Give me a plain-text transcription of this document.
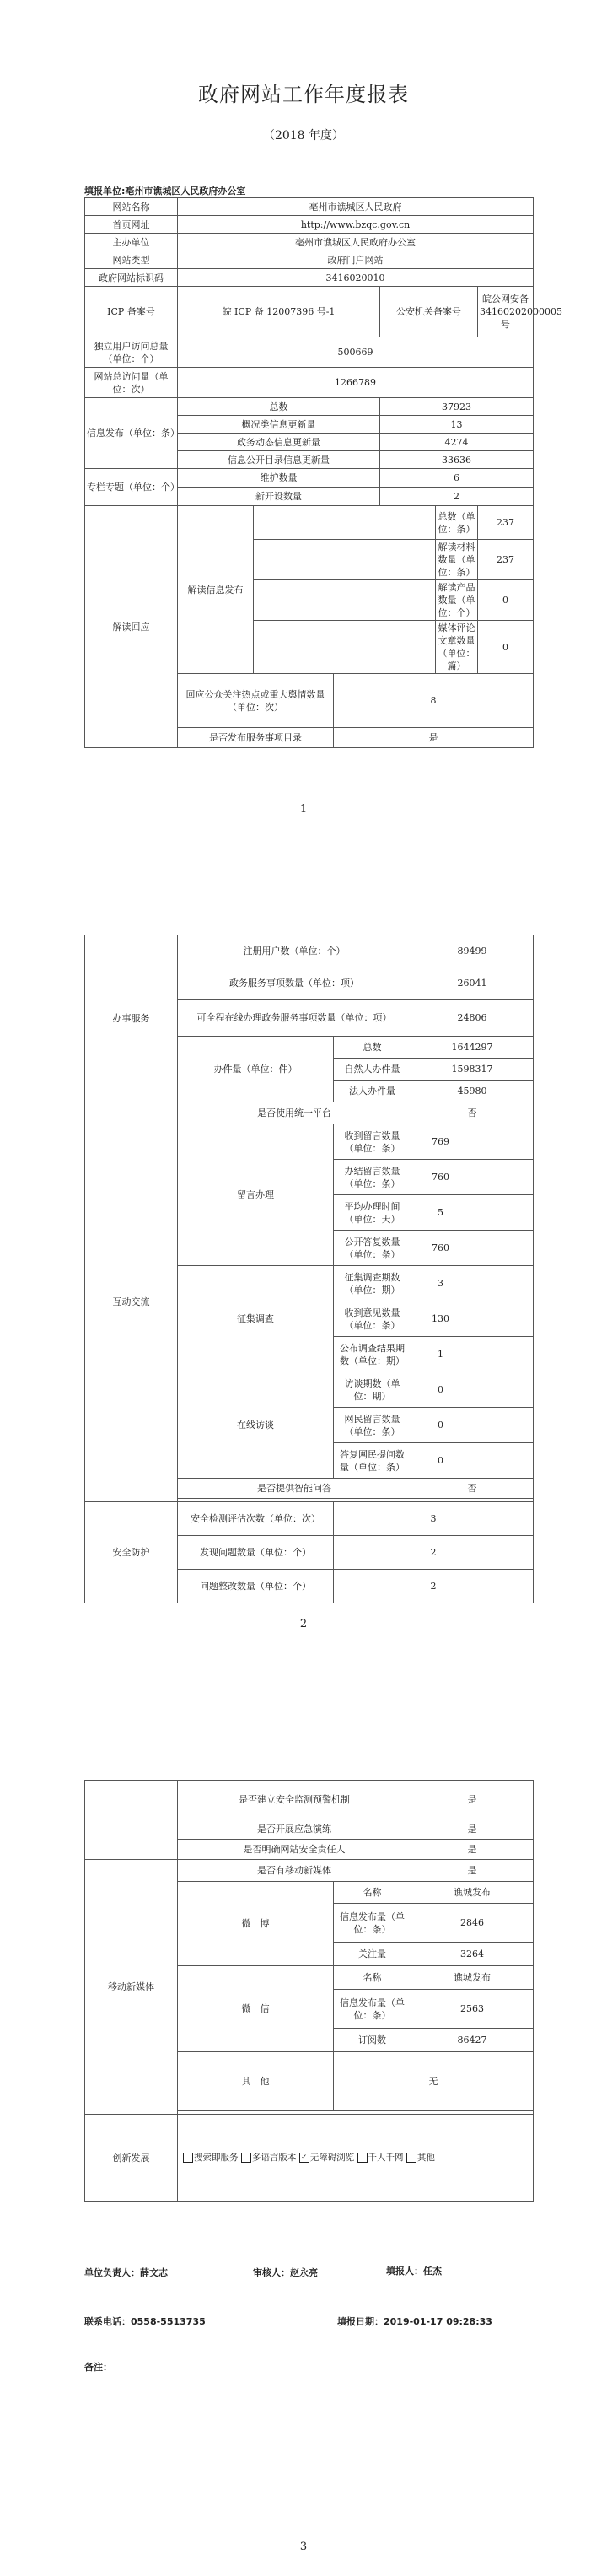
政府网站工作年度报表
（2018 年度）
填报单位:亳州市谯城区人民政府办公室
网站名称	亳州市谯城区人民政府					
首页网址	http://www.bzqc.gov.cn					
主办单位	亳州市谯城区人民政府办公室					
网站类型	政府门户网站					
政府网站标识码	3416020010					
ICP 备案号	皖 ICP 备 12007396 号-1			公安机关备案号		皖公网安备 34160202000005 号
独立用户访问总量（单位：个）	500669					
网站总访问量（单位：次）	1266789					
信息发布（单位：条）	总数			37923		
	概况类信息更新量			13		
	政务动态信息更新量			4274		
	信息公开目录信息更新量			33636		
专栏专题（单位：个）	维护数量			6		
	新开设数量			2		
解读回应	解读信息发布				总数（单位：条）	237
					解读材料数量（单位：条）	237
					解读产品数量（单位：个）	0
					媒体评论文章数量（单位：篇）	0
	回应公众关注热点或重大舆情数量（单位：次）		8			
	是否发布服务事项目录		是			
1
办事服务	注册用户数（单位：个）		89499	
	政务服务事项数量（单位：项）		26041	
	可全程在线办理政务服务事项数量（单位：项）		24806	
	办件量（单位：件）	总数	1644297	
		自然人办件量	1598317	
		法人办件量	45980	
互动交流	是否使用统一平台		否	
	留言办理	收到留言数量（单位：条）	769	
		办结留言数量（单位：条）	760	
		平均办理时间（单位：天）	5	
		公开答复数量（单位：条）	760	
	征集调查	征集调查期数（单位：期）	3	
		收到意见数量（单位：条）	130	
		公布调查结果期数（单位：期）	1	
	在线访谈	访谈期数（单位：期）	0	
		网民留言数量（单位：条）	0	
		答复网民提问数量（单位：条）	0	
	是否提供智能问答		否	

安全防护	安全检测评估次数（单位：次）	3		
	发现问题数量（单位：个）	2		
	问题整改数量（单位：个）	2		
2
	是否建立安全监测预警机制		是
	是否开展应急演练		是
	是否明确网站安全责任人		是
移动新媒体	是否有移动新媒体		是
	微　博	名称	谯城发布
		信息发布量（单位：条）	2846
		关注量	3264
	微　信	名称	谯城发布
		信息发布量（单位：条）	2563
		订阅数	86427
	其　他	无	

创新发展	搜索即服务 多语言版本 ✓ 无障碍浏览 千人千网 其他		
单位负责人：薛文志	审核人：赵永亮	填报人：任杰
联系电话：0558-5513735	填报日期：2019-01-17 09:28:33
备注：
3
